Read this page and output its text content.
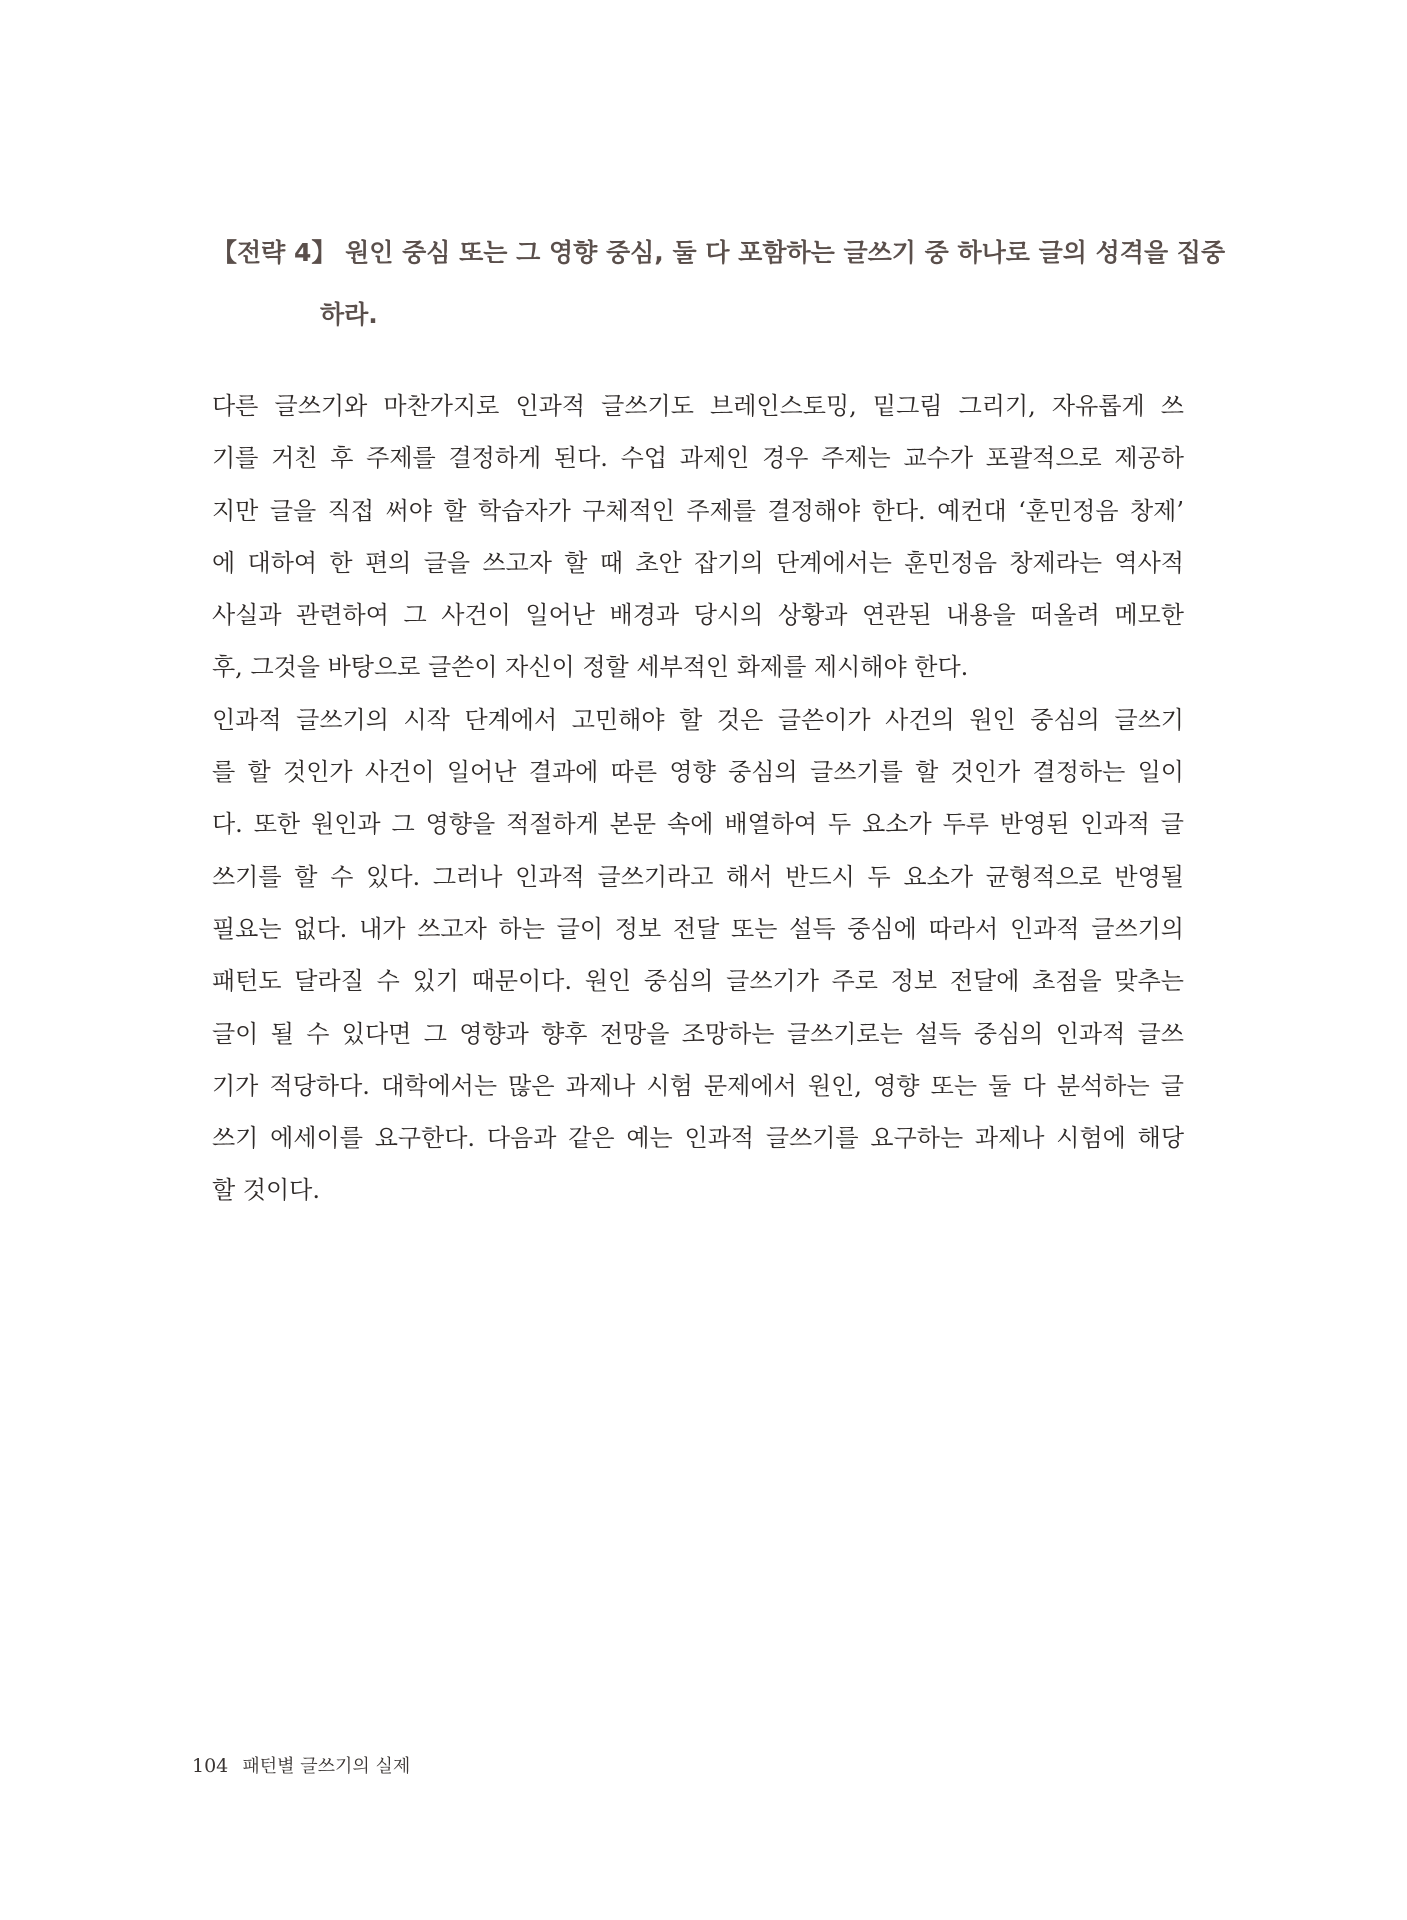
【전략 4】 원인 중심 또는 그 영향 중심, 둘 다 포함하는 글쓰기 중 하나로 글의 성격을 집중
하라.
다른 글쓰기와 마찬가지로 인과적 글쓰기도 브레인스토밍, 밑그림 그리기, 자유롭게 쓰
기를 거친 후 주제를 결정하게 된다. 수업 과제인 경우 주제는 교수가 포괄적으로 제공하
지만 글을 직접 써야 할 학습자가 구체적인 주제를 결정해야 한다. 예컨대 ‘훈민정음 창제’
에 대하여 한 편의 글을 쓰고자 할 때 초안 잡기의 단계에서는 훈민정음 창제라는 역사적
사실과 관련하여 그 사건이 일어난 배경과 당시의 상황과 연관된 내용을 떠올려 메모한
후, 그것을 바탕으로 글쓴이 자신이 정할 세부적인 화제를 제시해야 한다.
인과적 글쓰기의 시작 단계에서 고민해야 할 것은 글쓴이가 사건의 원인 중심의 글쓰기
를 할 것인가 사건이 일어난 결과에 따른 영향 중심의 글쓰기를 할 것인가 결정하는 일이
다. 또한 원인과 그 영향을 적절하게 본문 속에 배열하여 두 요소가 두루 반영된 인과적 글
쓰기를 할 수 있다. 그러나 인과적 글쓰기라고 해서 반드시 두 요소가 균형적으로 반영될
필요는 없다. 내가 쓰고자 하는 글이 정보 전달 또는 설득 중심에 따라서 인과적 글쓰기의
패턴도 달라질 수 있기 때문이다. 원인 중심의 글쓰기가 주로 정보 전달에 초점을 맞추는
글이 될 수 있다면 그 영향과 향후 전망을 조망하는 글쓰기로는 설득 중심의 인과적 글쓰
기가 적당하다. 대학에서는 많은 과제나 시험 문제에서 원인, 영향 또는 둘 다 분석하는 글
쓰기 에세이를 요구한다. 다음과 같은 예는 인과적 글쓰기를 요구하는 과제나 시험에 해당
할 것이다.
104 패턴별 글쓰기의 실제
